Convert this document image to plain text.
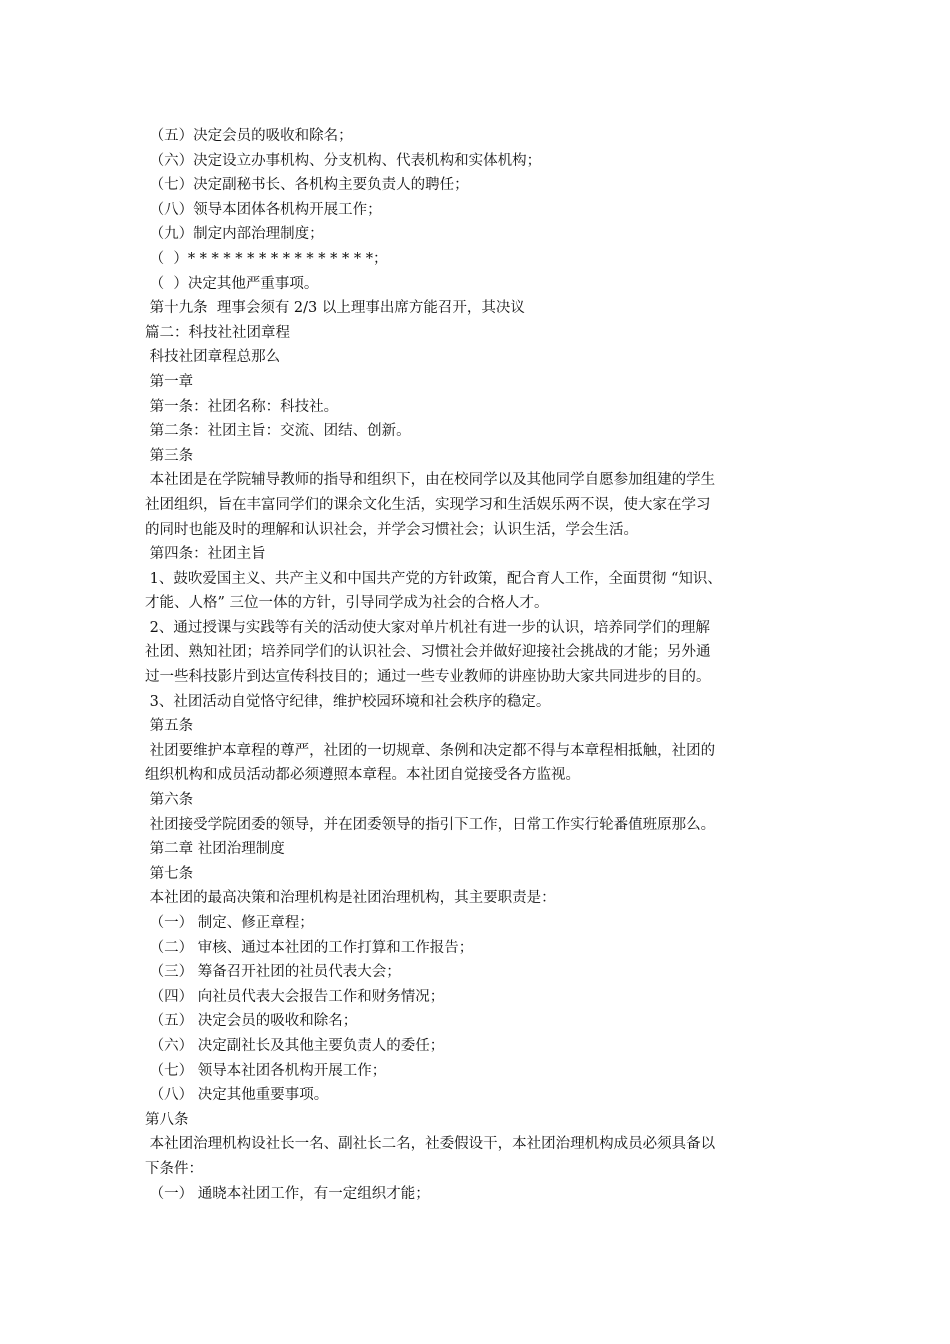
（五）决定会员的吸收和除名；
（六）决定设立办事机构、分支机构、代表机构和实体机构；
（七）决定副秘书长、各机构主要负责人的聘任；
（八）领导本团体各机构开展工作；
（九）制定内部治理制度；
（  ）* * * * * * * * * * * * * * * *；
（  ）决定其他严重事项。
第十九条  理事会须有 2/3 以上理事出席方能召开，其决议
篇二：科技社社团章程
科技社团章程总那么
第一章
第一条：社团名称：科技社。
第二条：社团主旨：交流、团结、创新。
第三条
本社团是在学院辅导教师的指导和组织下，由在校同学以及其他同学自愿参加组建的学生
社团组织，旨在丰富同学们的课余文化生活，实现学习和生活娱乐两不误，使大家在学习
的同时也能及时的理解和认识社会，并学会习惯社会；认识生活，学会生活。
第四条：社团主旨
1、鼓吹爱国主义、共产主义和中国共产党的方针政策，配合育人工作，全面贯彻 “知识、
才能、人格” 三位一体的方针，引导同学成为社会的合格人才。
2、通过授课与实践等有关的活动使大家对单片机社有进一步的认识，培养同学们的理解
社团、熟知社团；培养同学们的认识社会、习惯社会并做好迎接社会挑战的才能；另外通
过一些科技影片到达宣传科技目的；通过一些专业教师的讲座协助大家共同进步的目的。
3、社团活动自觉恪守纪律，维护校园环境和社会秩序的稳定。
第五条
社团要维护本章程的尊严，社团的一切规章、条例和决定都不得与本章程相抵触，社团的
组织机构和成员活动都必须遵照本章程。本社团自觉接受各方监视。
第六条
社团接受学院团委的领导，并在团委领导的指引下工作，日常工作实行轮番值班原那么。
第二章 社团治理制度
第七条
本社团的最高决策和治理机构是社团治理机构，其主要职责是：
（一） 制定、修正章程；
（二） 审核、通过本社团的工作打算和工作报告；
（三） 筹备召开社团的社员代表大会；
（四） 向社员代表大会报告工作和财务情况；
（五） 决定会员的吸收和除名；
（六） 决定副社长及其他主要负责人的委任；
（七） 领导本社团各机构开展工作；
（八） 决定其他重要事项。
第八条
本社团治理机构设社长一名、副社长二名，社委假设干，本社团治理机构成员必须具备以
下条件：
（一） 通晓本社团工作，有一定组织才能；
